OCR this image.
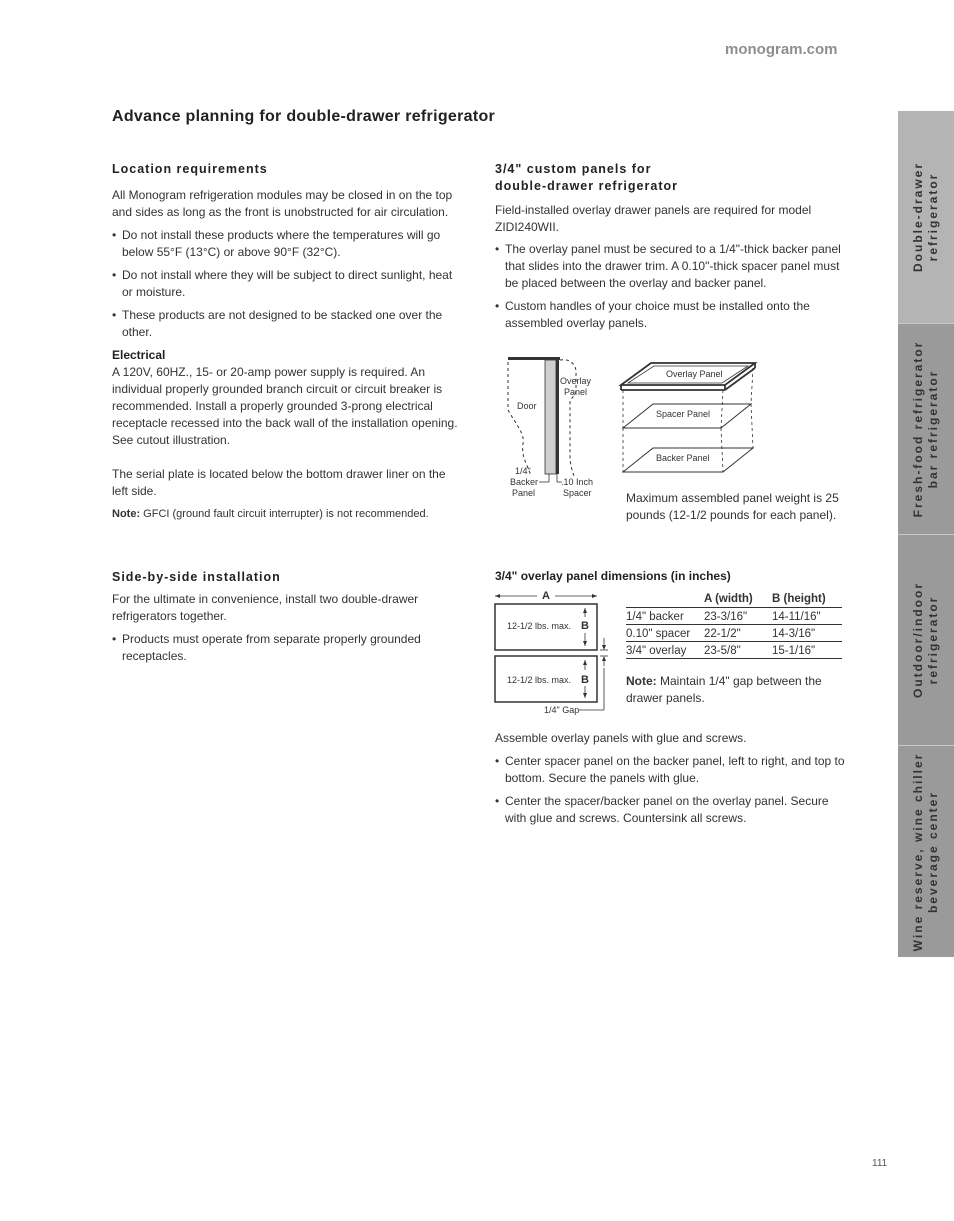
monogram.com
Advance planning for double-drawer refrigerator
Location requirements

All Monogram refrigeration modules may be closed in on the top and sides as long as the front is unobstructed for air circulation.

• Do not install these products where the temperatures will go below 55°F (13°C) or above 90°F (32°C).
• Do not install where they will be subject to direct sunlight, heat or moisture.
• These products are not designed to be stacked one over the other.
Electrical

A 120V, 60HZ., 15- or 20-amp power supply is required. An individual properly grounded branch circuit or circuit breaker is recommended. Install a properly grounded 3-prong electrical receptacle recessed into the back wall of the installation opening. See cutout illustration.

The serial plate is located below the bottom drawer liner on the left side.

Note: GFCI (ground fault circuit interrupter) is not recommended.

Side-by-side installation

For the ultimate in convenience, install two double-drawer refrigerators together.

• Products must operate from separate properly grounded receptacles.
3/4" custom panels for
double-drawer refrigerator

Field-installed overlay drawer panels are required for model ZIDI240WII.

• The overlay panel must be secured to a 1/4"-thick backer panel that slides into the drawer trim. A 0.10"-thick spacer panel must be placed between the overlay and backer panel.
• Custom handles of your choice must be installed onto the assembled overlay panels.
Door
Overlay
Panel
1/4"
Backer
Panel
.10 Inch
Spacer
Overlay Panel
Spacer Panel
Backer Panel
Maximum assembled panel weight is 25 pounds (12-1/2 pounds for each panel).
3/4" overlay panel dimensions (in inches)
A
12-1/2 lbs. max.
12-1/2 lbs. max.
B
B
1/4" Gap
	A (width)	B (height)
1/4" backer	23-3/16"	14-11/16"
0.10" spacer	22-1/2"	14-3/16"
3/4" overlay	23-5/8"	15-1/16"
Note: Maintain 1/4" gap between the drawer panels.

Assemble overlay panels with glue and screws.

• Center spacer panel on the backer panel, left to right, and top to bottom. Secure the panels with glue.
• Center the spacer/backer panel on the overlay panel. Secure with glue and screws. Countersink all screws.
Double-drawer
refrigerator
Fresh-food refrigerator
bar refrigerator
Outdoor/indoor
refrigerator
Wine reserve, wine chiller
beverage center
111
